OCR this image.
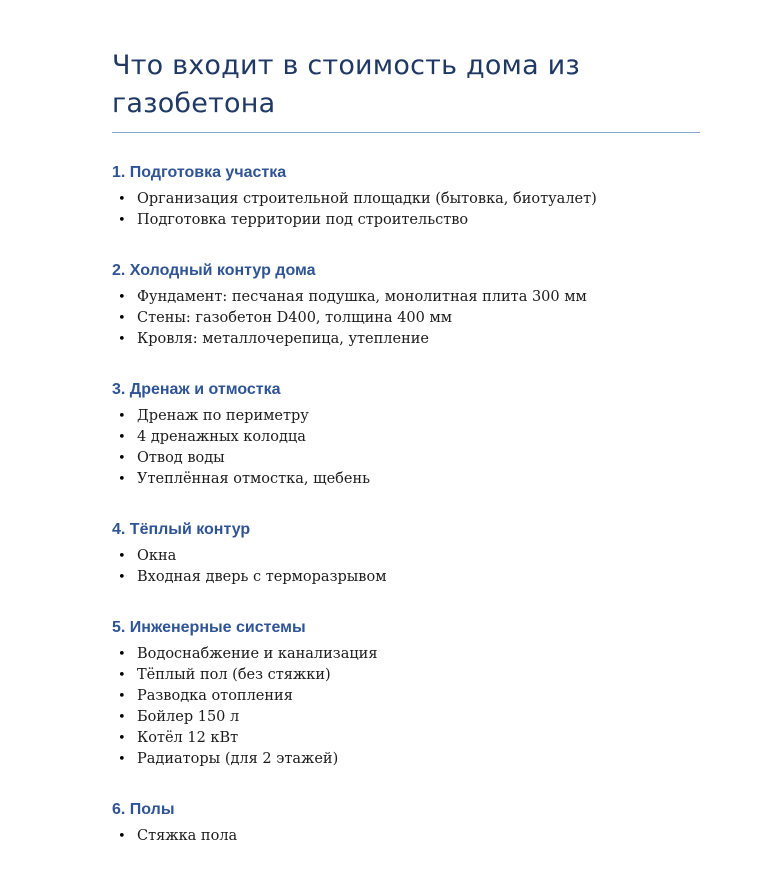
Что входит в стоимость дома из газобетона
1. Подготовка участка
• Организация строительной площадки (бытовка, биотуалет)
• Подготовка территории под строительство
2. Холодный контур дома
• Фундамент: песчаная подушка, монолитная плита 300 мм
• Стены: газобетон D400, толщина 400 мм
• Кровля: металлочерепица, утепление
3. Дренаж и отмостка
• Дренаж по периметру
• 4 дренажных колодца
• Отвод воды
• Утеплённая отмостка, щебень
4. Тёплый контур
• Окна
• Входная дверь с терморазрывом
5. Инженерные системы
• Водоснабжение и канализация
• Тёплый пол (без стяжки)
• Разводка отопления
• Бойлер 150 л
• Котёл 12 кВт
• Радиаторы (для 2 этажей)
6. Полы
• Стяжка пола
